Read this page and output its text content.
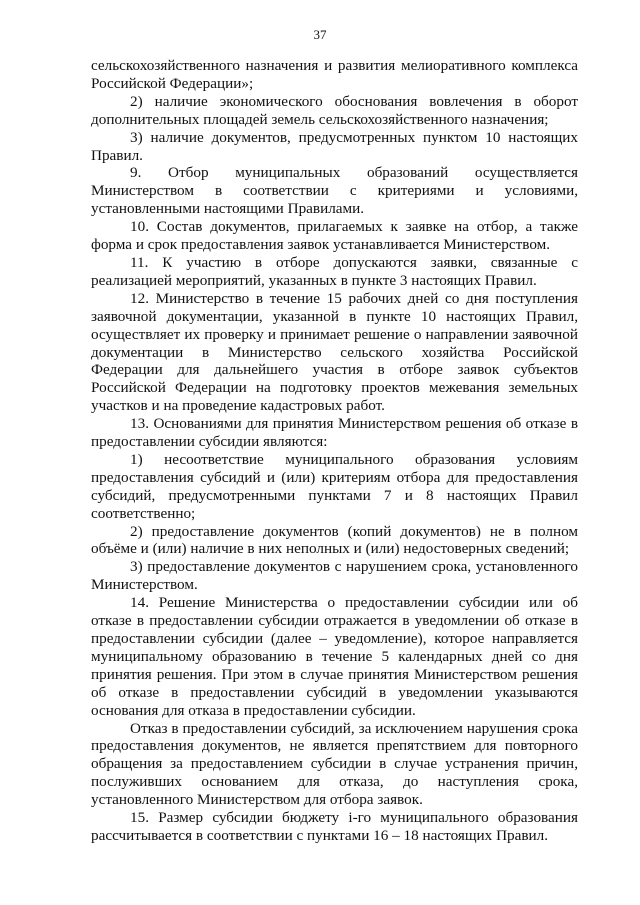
37

сельскохозяйственного назначения и развития мелиоративного комплекса Российской Федерации»;

2) наличие экономического обоснования вовлечения в оборот дополнительных площадей земель сельскохозяйственного назначения;

3) наличие документов, предусмотренных пунктом 10 настоящих Правил.

9. Отбор муниципальных образований осуществляется Министерством в соответствии с критериями и условиями, установленными настоящими Правилами.

10. Состав документов, прилагаемых к заявке на отбор, а также форма и срок предоставления заявок устанавливается Министерством.

11. К участию в отборе допускаются заявки, связанные с реализацией мероприятий, указанных в пункте 3 настоящих Правил.

12. Министерство в течение 15 рабочих дней со дня поступления заявочной документации, указанной в пункте 10 настоящих Правил, осуществляет их проверку и принимает решение о направлении заявочной документации в Министерство сельского хозяйства Российской Федерации для дальнейшего участия в отборе заявок субъектов Российской Федерации на подготовку проектов межевания земельных участков и на проведение кадастровых работ.

13. Основаниями для принятия Министерством решения об отказе в предоставлении субсидии являются:

1) несоответствие муниципального образования условиям предоставления субсидий и (или) критериям отбора для предоставления субсидий, предусмотренными пунктами 7 и 8 настоящих Правил соответственно;

2) предоставление документов (копий документов) не в полном объёме и (или) наличие в них неполных и (или) недостоверных сведений;

3) предоставление документов с нарушением срока, установленного Министерством.

14. Решение Министерства о предоставлении субсидии или об отказе в предоставлении субсидии отражается в уведомлении об отказе в предоставлении субсидии (далее – уведомление), которое направляется муниципальному образованию в течение 5 календарных дней со дня принятия решения. При этом в случае принятия Министерством решения об отказе в предоставлении субсидий в уведомлении указываются основания для отказа в предоставлении субсидии.

Отказ в предоставлении субсидий, за исключением нарушения срока предоставления документов, не является препятствием для повторного обращения за предоставлением субсидии в случае устранения причин, послуживших основанием для отказа, до наступления срока, установленного Министерством для отбора заявок.

15. Размер субсидии бюджету i-го муниципального образования рассчитывается в соответствии с пунктами 16 – 18 настоящих Правил.
